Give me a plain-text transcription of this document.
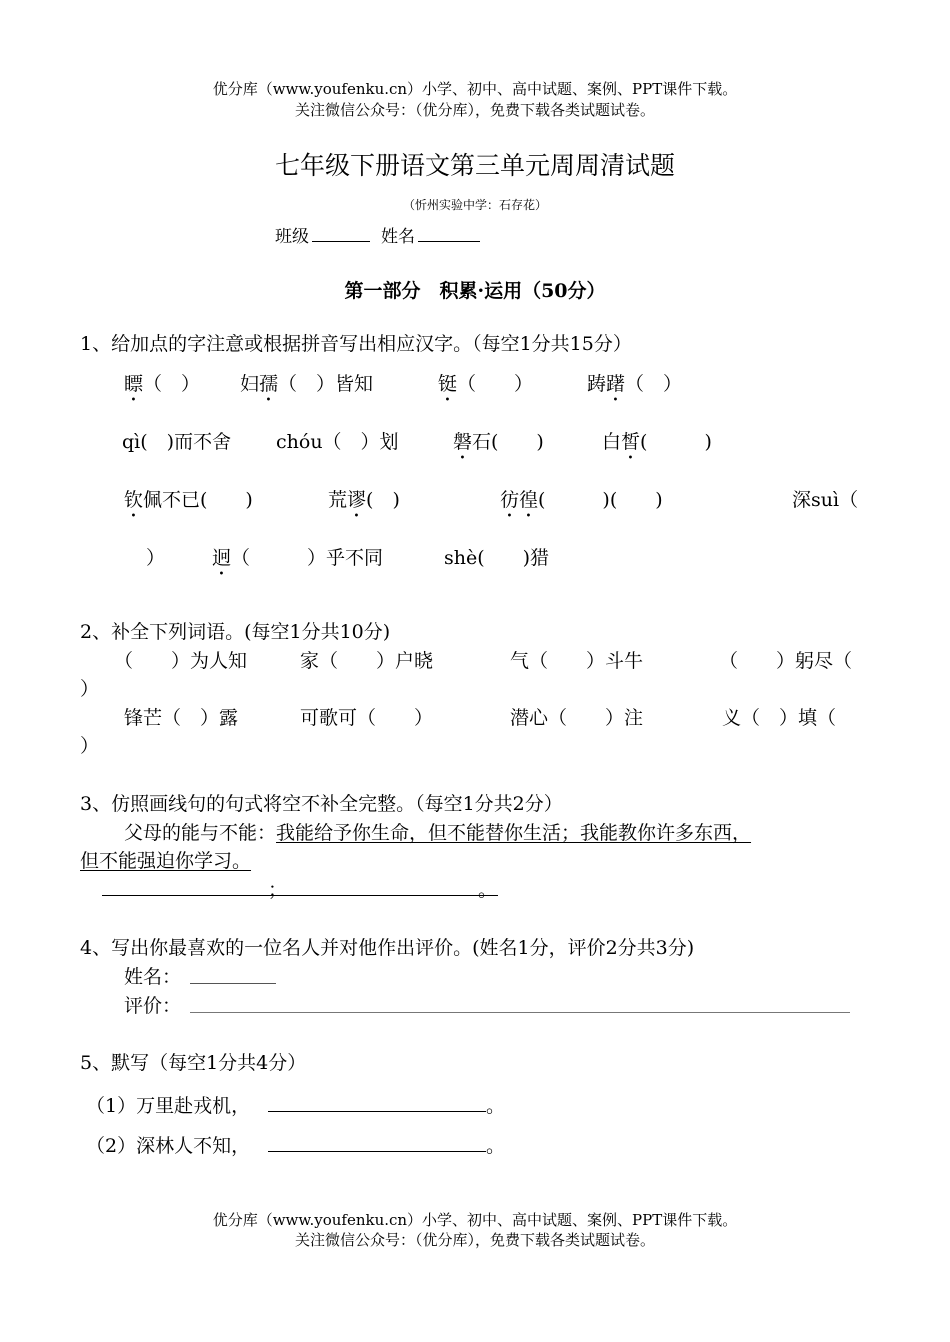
优分库（www.youfenku.cn）小学、初中、高中试题、案例、PPT课件下载。
关注微信公众号：（优分库），免费下载各类试题试卷。
七年级下册语文第三单元周周清试题
（忻州实验中学：石存花）
班级	姓名
第一部分　积累·运用（50分）
1、给加点的字注意或根据拼音写出相应汉字。（每空1分共15分）
瞟（　） 妇孺（　）皆知	铤（　　）	踌躇（　）
qì(　)而不舍 chóu（　）划	磐石(　　)	白皙(　　　)
钦佩不已(　　)	荒谬(　)	彷徨(　　　)(　　)	深suì（
） 迥（　　　）乎不同	shè(　　)猎
2、补全下列词语。(每空1分共10分)
（　　）为人知	家（　　）户晓	气（　　）斗牛	（　　）躬尽（
）
锋芒（　）露	可歌可（　　）	潜心（　　）注	义（　）填（
）
3、仿照画线句的句式将空不补全完整。（每空1分共2分）
父母的能与不能：我能给予你生命，但不能替你生活；我能教你许多东西，
但不能强迫你学习。
；	。
4、写出你最喜欢的一位名人并对他作出评价。(姓名1分，评价2分共3分)
姓名：
评价：
5、默写（每空1分共4分）
（1）万里赴戎机，	。
（2）深林人不知，	。
优分库（www.youfenku.cn）小学、初中、高中试题、案例、PPT课件下载。
关注微信公众号：（优分库），免费下载各类试题试卷。
